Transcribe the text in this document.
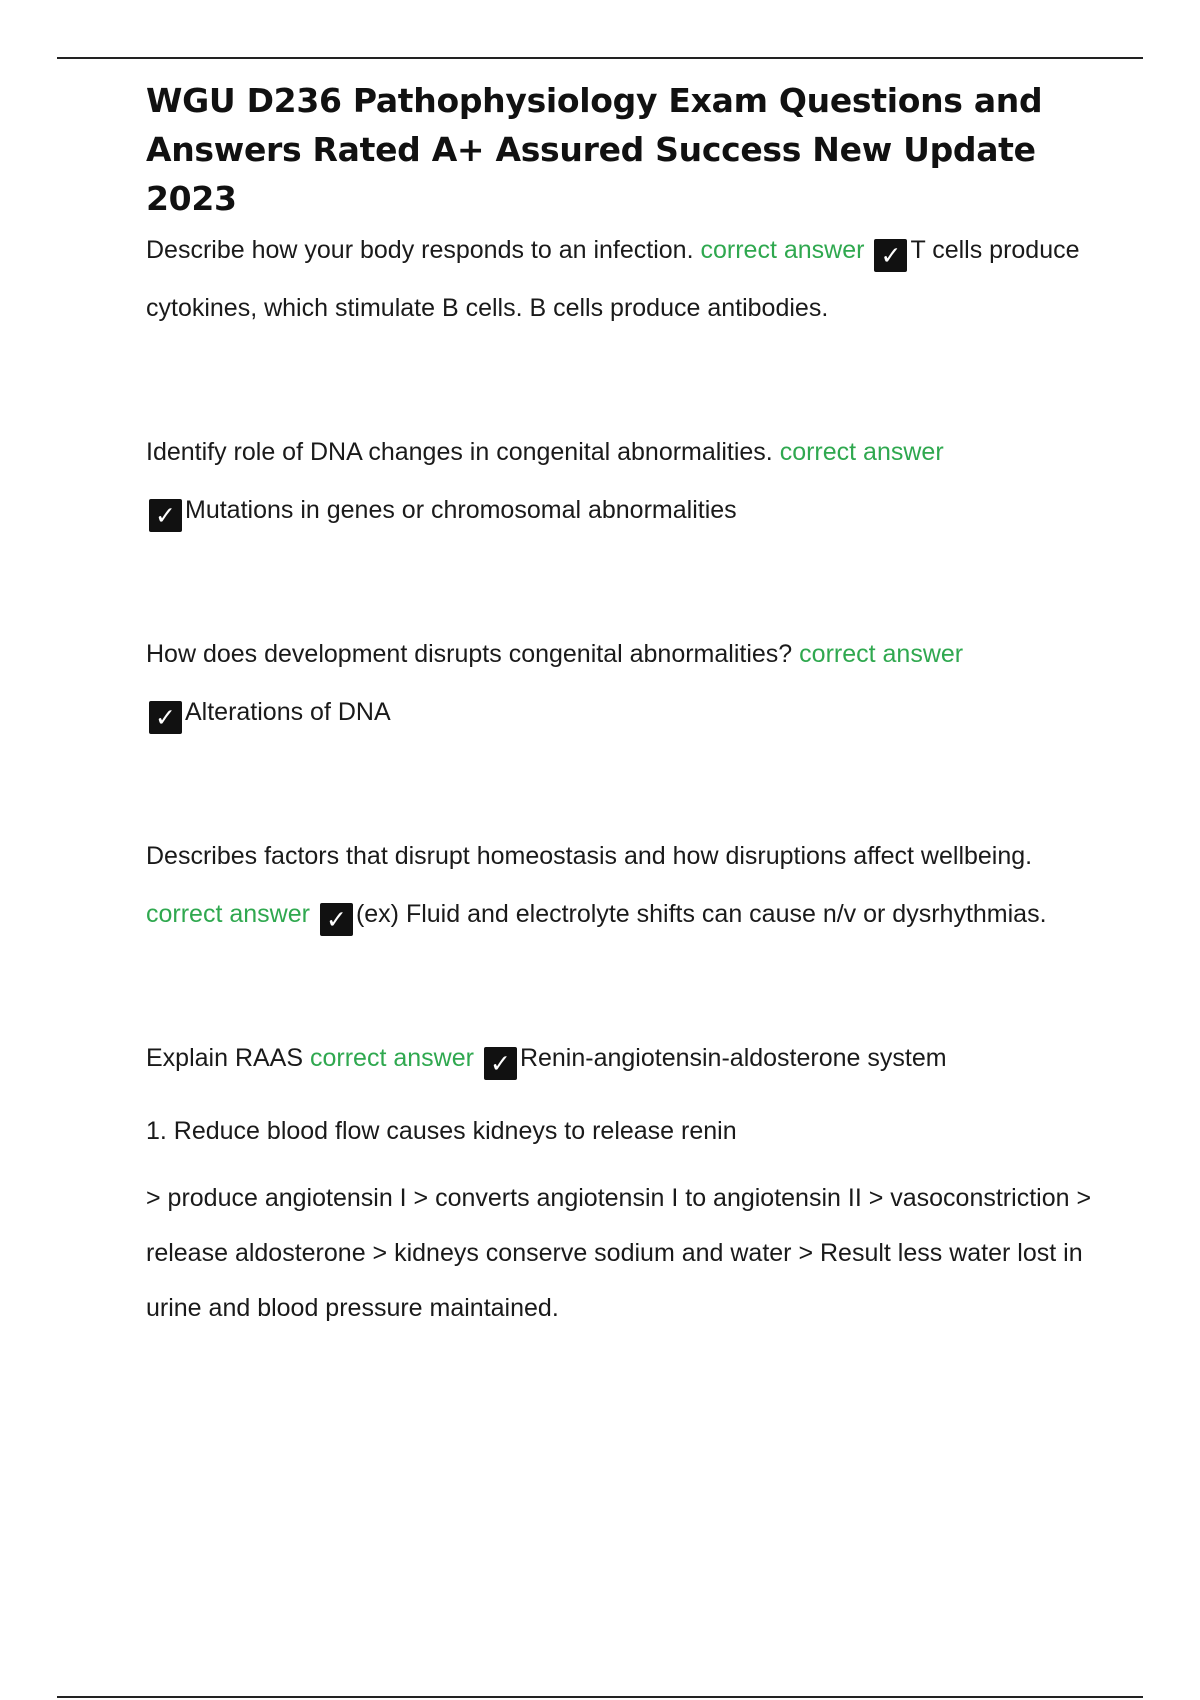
WGU D236 Pathophysiology Exam Questions and Answers Rated A+ Assured Success New Update 2023

Describe how your body responds to an infection. correct answer ✓ T cells produce cytokines, which stimulate B cells. B cells produce antibodies.

Identify role of DNA changes in congenital abnormalities. correct answer
✓ Mutations in genes or chromosomal abnormalities

How does development disrupts congenital abnormalities? correct answer
✓ Alterations of DNA

Describes factors that disrupt homeostasis and how disruptions affect wellbeing. correct answer ✓ (ex) Fluid and electrolyte shifts can cause n/v or dysrhythmias.

Explain RAAS correct answer ✓ Renin-angiotensin-aldosterone system

1. Reduce blood flow causes kidneys to release renin

> produce angiotensin I > converts angiotensin I to angiotensin II > vasoconstriction > release aldosterone > kidneys conserve sodium and water > Result less water lost in urine and blood pressure maintained.
